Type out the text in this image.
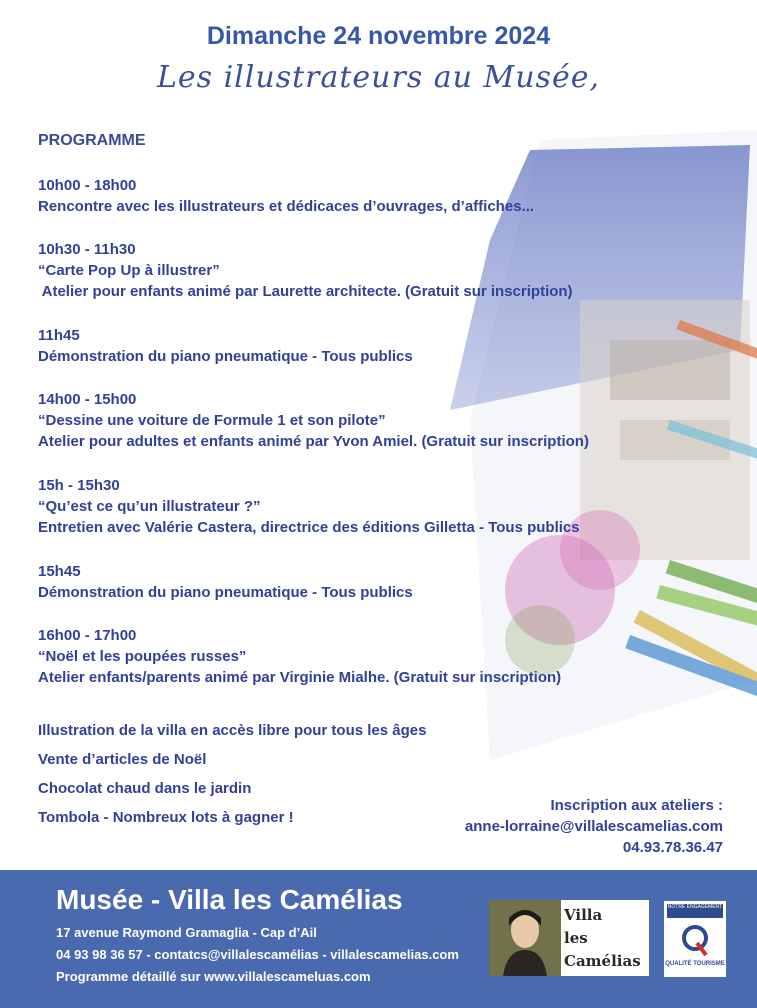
Dimanche 24 novembre 2024
Les illustrateurs au Musée,
PROGRAMME
10h00 - 18h00
Rencontre avec les illustrateurs et dédicaces d’ouvrages, d’affiches...
10h30 - 11h30
“Carte Pop Up à illustrer”
Atelier pour enfants animé par Laurette architecte. (Gratuit sur inscription)
11h45
Démonstration du piano pneumatique - Tous publics
14h00 - 15h00
“Dessine une voiture de Formule 1 et son pilote”
Atelier pour adultes et enfants animé par Yvon Amiel. (Gratuit sur inscription)
15h - 15h30
“Qu’est ce qu’un illustrateur ?”
Entretien avec Valérie Castera, directrice des éditions Gilletta - Tous publics
15h45
Démonstration du piano pneumatique - Tous publics
16h00 - 17h00
“Noël et les poupées russes”
Atelier enfants/parents animé par Virginie Mialhe. (Gratuit sur inscription)
Illustration de la villa en accès libre pour tous les âges
Vente d’articles de Noël
Chocolat chaud dans le jardin
Tombola - Nombreux lots à gagner !
Inscription aux ateliers :
anne-lorraine@villalescamelias.com
04.93.78.36.47
Musée - Villa les Camélias
17 avenue Raymond Gramaglia - Cap d’Ail
04 93 98 36 57 - contatcs@villalescamélias - villalescamelias.com
Programme détaillé sur www.villalescameluas.com
Villa
les
Camélias
NOTRE ENGAGEMENT
QUALITÉ TOURISME
